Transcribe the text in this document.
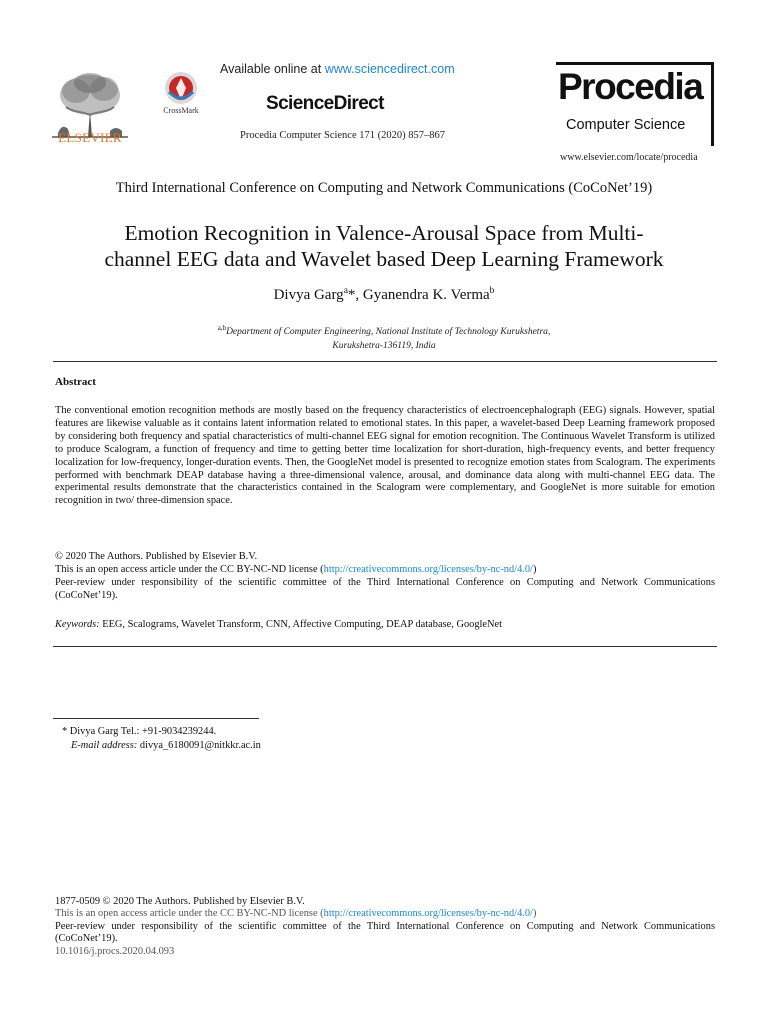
ELSEVIER
CrossMark
Available online at www.sciencedirect.com
ScienceDirect
Procedia Computer Science 171 (2020) 857–867
Procedia
Computer Science
www.elsevier.com/locate/procedia
Third International Conference on Computing and Network Communications (CoCoNet’19)
Emotion Recognition in Valence-Arousal Space from Multi-
channel EEG data and Wavelet based Deep Learning Framework
Divya Garg$^a$*, Gyanendra K. Verma$^b$
$^{a,b}$Department of Computer Engineering, National Institute of Technology Kurukshetra,
Kurukshetra-136119, India
Abstract
The conventional emotion recognition methods are mostly based on the frequency characteristics of electroencephalograph (EEG) signals. However, spatial features are likewise valuable as it contains latent information related to emotional states. In this paper, a wavelet-based Deep Learning framework proposed by considering both frequency and spatial characteristics of multi-channel EEG signal for emotion recognition. The Continuous Wavelet Transform is utilized to produce Scalogram, a function of frequency and time to getting better time localization for short-duration, high-frequency events, and better frequency localization for low-frequency, longer-duration events. Then, the GoogleNet model is presented to recognize emotion states from Scalogram. The experiments performed with benchmark DEAP database having a three-dimensional valence, arousal, and dominance data along with multi-channel EEG data. The experimental results demonstrate that the characteristics contained in the Scalogram were complementary, and GoogleNet is more suitable for emotion recognition in two/ three-dimension space.
© 2020 The Authors. Published by Elsevier B.V.
This is an open access article under the CC BY-NC-ND license (http://creativecommons.org/licenses/by-nc-nd/4.0/)
Peer-review under responsibility of the scientific committee of the Third International Conference on Computing and Network Communications (CoCoNet’19).
Keywords: EEG, Scalograms, Wavelet Transform, CNN, Affective Computing, DEAP database, GoogleNet
* Divya Garg Tel.: +91-9034239244.
E-mail address: divya_6180091@nitkkr.ac.in
1877-0509 © 2020 The Authors. Published by Elsevier B.V.
This is an open access article under the CC BY-NC-ND license (http://creativecommons.org/licenses/by-nc-nd/4.0/)
Peer-review under responsibility of the scientific committee of the Third International Conference on Computing and Network Communications (CoCoNet’19).
10.1016/j.procs.2020.04.093
